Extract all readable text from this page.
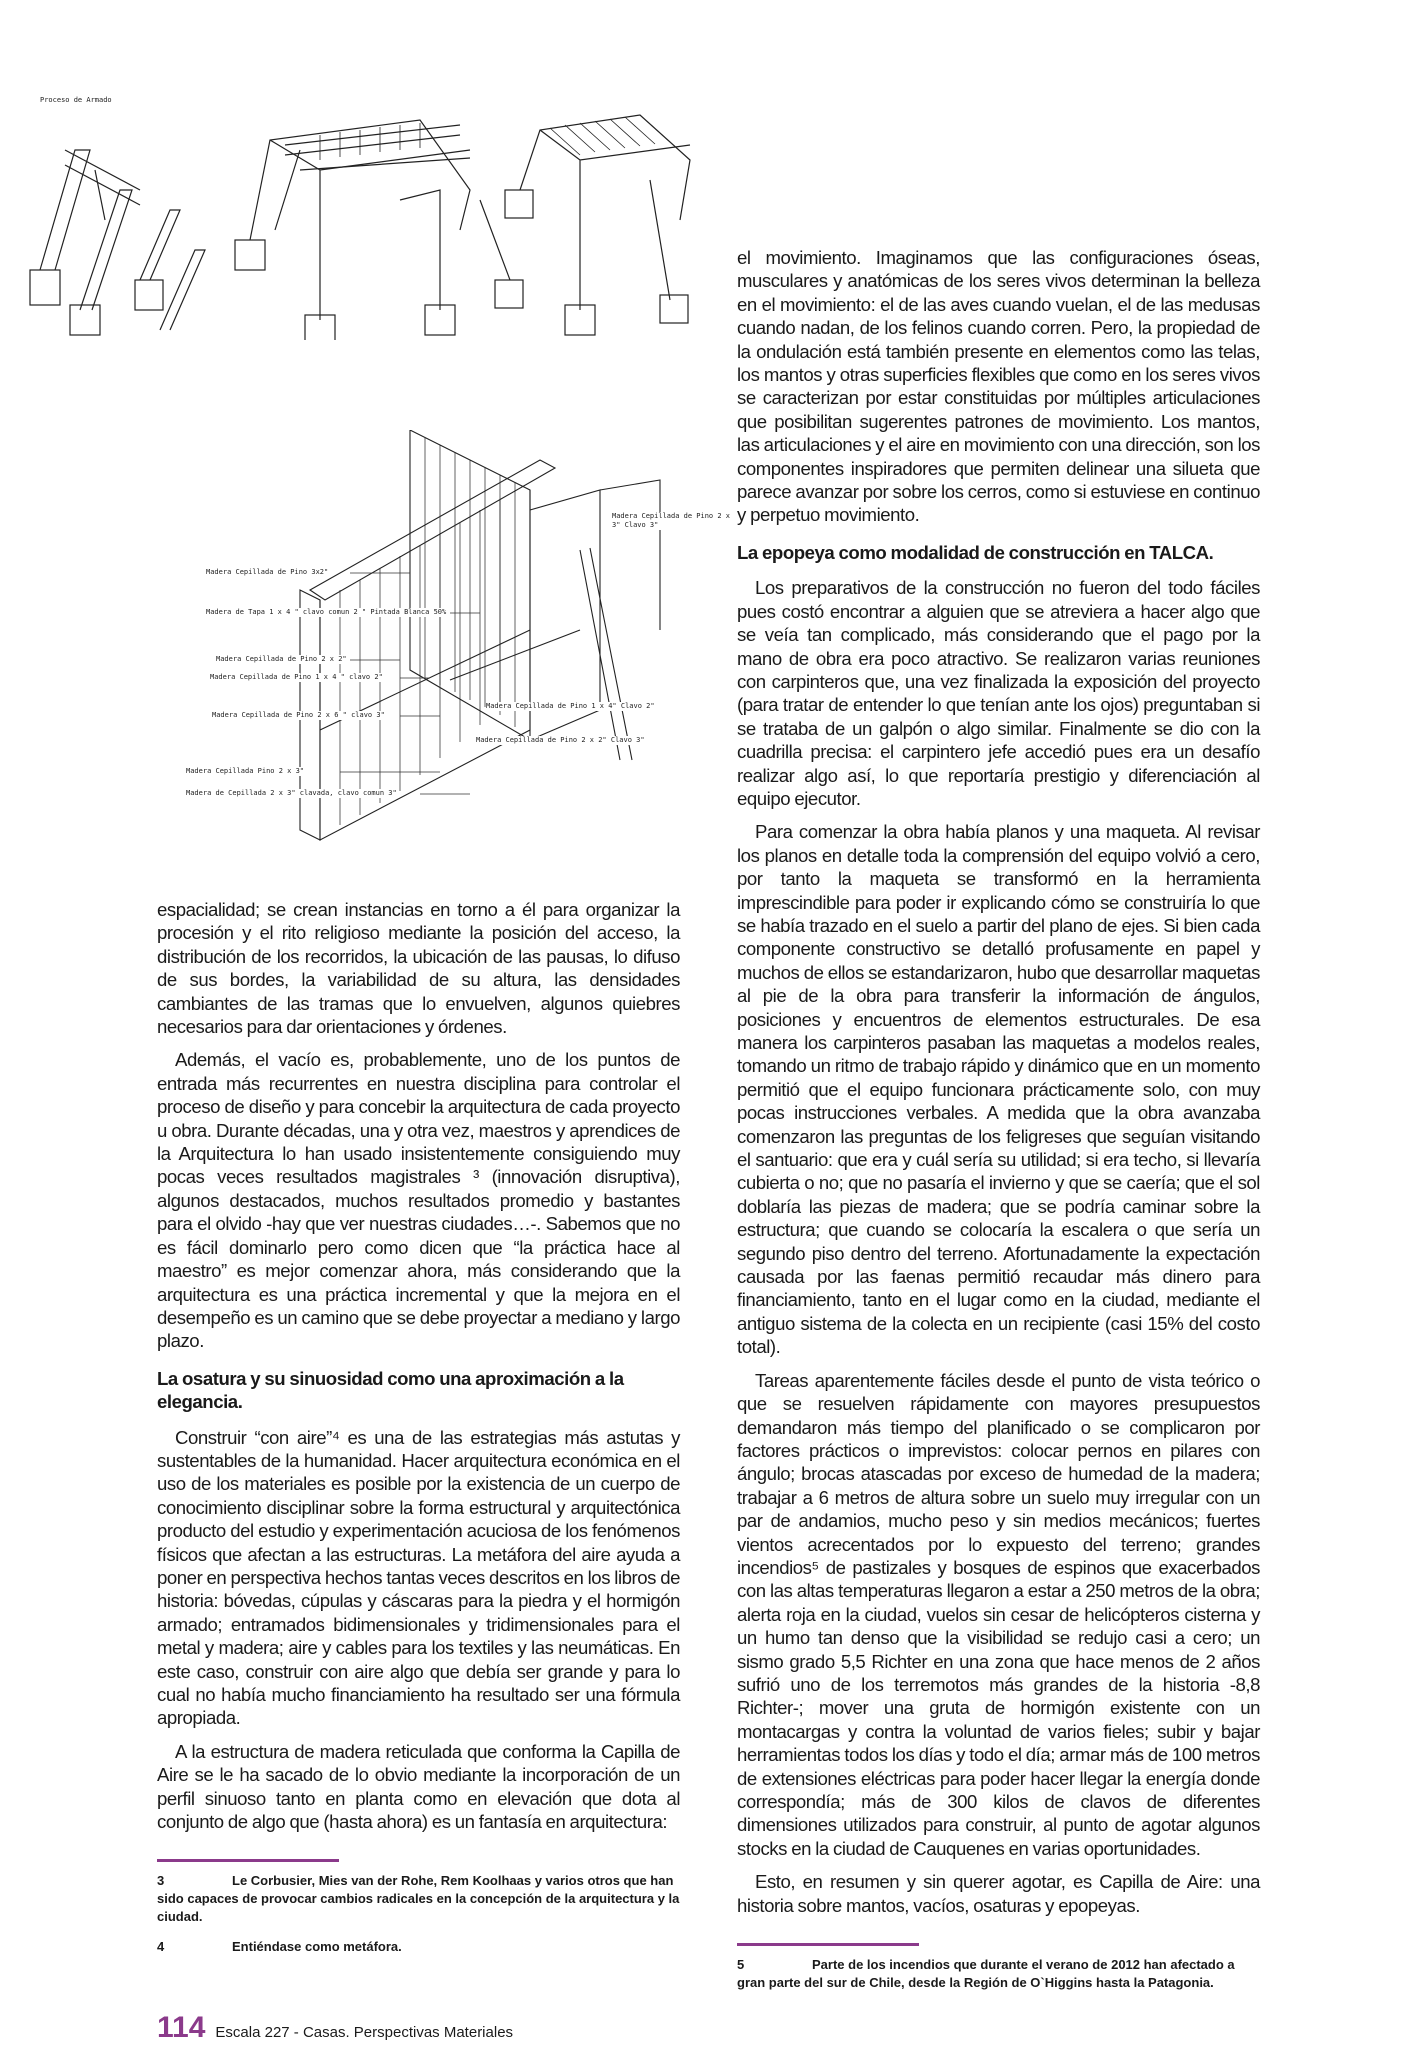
Proceso de Armado
Madera Cepillada de Pino 3x2"
Madera de Tapa 1 x 4 " clavo comun 2 " Pintada Blanca 50%
Madera Cepillada de Pino 2 x 2"
Madera Cepillada de Pino 1 x 4 " clavo 2"
Madera Cepillada de Pino 2 x 6 " clavo 3"
Madera Cepillada Pino 2 x 3"
Madera de Cepillada 2 x 3" clavada, clavo comun 3"
Madera Cepillada de Pino 2 x 3" Clavo 3"
Madera Cepillada de Pino 1 x 4" Clavo 2"
Madera Cepillada de Pino 2 x 2" Clavo 3"

espacialidad; se crean instancias en torno a él para organizar la procesión y el rito religioso mediante la posición del acceso, la distribución de los recorridos, la ubicación de las pausas, lo difuso de sus bordes, la variabilidad de su altura, las densidades cambiantes de las tramas que lo envuelven, algunos quiebres necesarios para dar orientaciones y órdenes.

Además, el vacío es, probablemente, uno de los puntos de entrada más recurrentes en nuestra disciplina para controlar el proceso de diseño y para concebir la arquitectura de cada proyecto u obra. Durante décadas, una y otra vez, maestros y aprendices de la Arquitectura lo han usado insistentemente consiguiendo muy pocas veces resultados magistrales ³ (innovación disruptiva), algunos destacados, muchos resultados promedio y bastantes para el olvido -hay que ver nuestras ciudades…-. Sabemos que no es fácil dominarlo pero como dicen que “la práctica hace al maestro” es mejor comenzar ahora, más considerando que la arquitectura es una práctica incremental y que la mejora en el desempeño es un camino que se debe proyectar a mediano y largo plazo.

La osatura y su sinuosidad como una aproximación a la elegancia.

Construir “con aire”⁴ es una de las estrategias más astutas y sustentables de la humanidad. Hacer arquitectura económica en el uso de los materiales es posible por la existencia de un cuerpo de conocimiento disciplinar sobre la forma estructural y arquitectónica producto del estudio y experimentación acuciosa de los fenómenos físicos que afectan a las estructuras. La metáfora del aire ayuda a poner en perspectiva hechos tantas veces descritos en los libros de historia: bóvedas, cúpulas y cáscaras para la piedra y el hormigón armado; entramados bidimensionales y tridimensionales para el metal y madera; aire y cables para los textiles y las neumáticas. En este caso, construir con aire algo que debía ser grande y para lo cual no había mucho financiamiento ha resultado ser una fórmula apropiada.

A la estructura de madera reticulada que conforma la Capilla de Aire se le ha sacado de lo obvio mediante la incorporación de un perfil sinuoso tanto en planta como en elevación que dota al conjunto de algo que (hasta ahora) es un fantasía en arquitectura:

3	Le Corbusier, Mies van der Rohe, Rem Koolhaas y varios otros que han sido capaces de provocar cambios radicales en la concepción de la arquitectura y la ciudad.
4	Entiéndase como metáfora.
114 Escala 227 - Casas. Perspectivas Materiales

el movimiento. Imaginamos que las configuraciones óseas, musculares y anatómicas de los seres vivos determinan la belleza en el movimiento: el de las aves cuando vuelan, el de las medusas cuando nadan, de los felinos cuando corren. Pero, la propiedad de la ondulación está también presente en elementos como las telas, los mantos y otras superficies flexibles que como en los seres vivos se caracterizan por estar constituidas por múltiples articulaciones que posibilitan sugerentes patrones de movimiento. Los mantos, las articulaciones y el aire en movimiento con una dirección, son los componentes inspiradores que permiten delinear una silueta que parece avanzar por sobre los cerros, como si estuviese en continuo y perpetuo movimiento.

La epopeya como modalidad de construcción en TALCA.

Los preparativos de la construcción no fueron del todo fáciles pues costó encontrar a alguien que se atreviera a hacer algo que se veía tan complicado, más considerando que el pago por la mano de obra era poco atractivo. Se realizaron varias reuniones con carpinteros que, una vez finalizada la exposición del proyecto (para tratar de entender lo que tenían ante los ojos) preguntaban si se trataba de un galpón o algo similar. Finalmente se dio con la cuadrilla precisa: el carpintero jefe accedió pues era un desafío realizar algo así, lo que reportaría prestigio y diferenciación al equipo ejecutor.

Para comenzar la obra había planos y una maqueta. Al revisar los planos en detalle toda la comprensión del equipo volvió a cero, por tanto la maqueta se transformó en la herramienta imprescindible para poder ir explicando cómo se construiría lo que se había trazado en el suelo a partir del plano de ejes. Si bien cada componente constructivo se detalló profusamente en papel y muchos de ellos se estandarizaron, hubo que desarrollar maquetas al pie de la obra para transferir la información de ángulos, posiciones y encuentros de elementos estructurales. De esa manera los carpinteros pasaban las maquetas a modelos reales, tomando un ritmo de trabajo rápido y dinámico que en un momento permitió que el equipo funcionara prácticamente solo, con muy pocas instrucciones verbales. A medida que la obra avanzaba comenzaron las preguntas de los feligreses que seguían visitando el santuario: que era y cuál sería su utilidad; si era techo, si llevaría cubierta o no; que no pasaría el invierno y que se caería; que el sol doblaría las piezas de madera; que se podría caminar sobre la estructura; que cuando se colocaría la escalera o que sería un segundo piso dentro del terreno. Afortunadamente la expectación causada por las faenas permitió recaudar más dinero para financiamiento, tanto en el lugar como en la ciudad, mediante el antiguo sistema de la colecta en un recipiente (casi 15% del costo total).

Tareas aparentemente fáciles desde el punto de vista teórico o que se resuelven rápidamente con mayores presupuestos demandaron más tiempo del planificado o se complicaron por factores prácticos o imprevistos: colocar pernos en pilares con ángulo; brocas atascadas por exceso de humedad de la madera; trabajar a 6 metros de altura sobre un suelo muy irregular con un par de andamios, mucho peso y sin medios mecánicos; fuertes vientos acrecentados por lo expuesto del terreno; grandes incendios⁵ de pastizales y bosques de espinos que exacerbados con las altas temperaturas llegaron a estar a 250 metros de la obra; alerta roja en la ciudad, vuelos sin cesar de helicópteros cisterna y un humo tan denso que la visibilidad se redujo casi a cero; un sismo grado 5,5 Richter en una zona que hace menos de 2 años sufrió uno de los terremotos más grandes de la historia -8,8 Richter-; mover una gruta de hormigón existente con un montacargas y contra la voluntad de varios fieles; subir y bajar herramientas todos los días y todo el día; armar más de 100 metros de extensiones eléctricas para poder hacer llegar la energía donde correspondía; más de 300 kilos de clavos de diferentes dimensiones utilizados para construir, al punto de agotar algunos stocks en la ciudad de Cauquenes en varias oportunidades.

Esto, en resumen y sin querer agotar, es Capilla de Aire: una historia sobre mantos, vacíos, osaturas y epopeyas.

5	Parte de los incendios que durante el verano de 2012 han afectado a gran parte del sur de Chile, desde la Región de O`Higgins hasta la Patagonia.
